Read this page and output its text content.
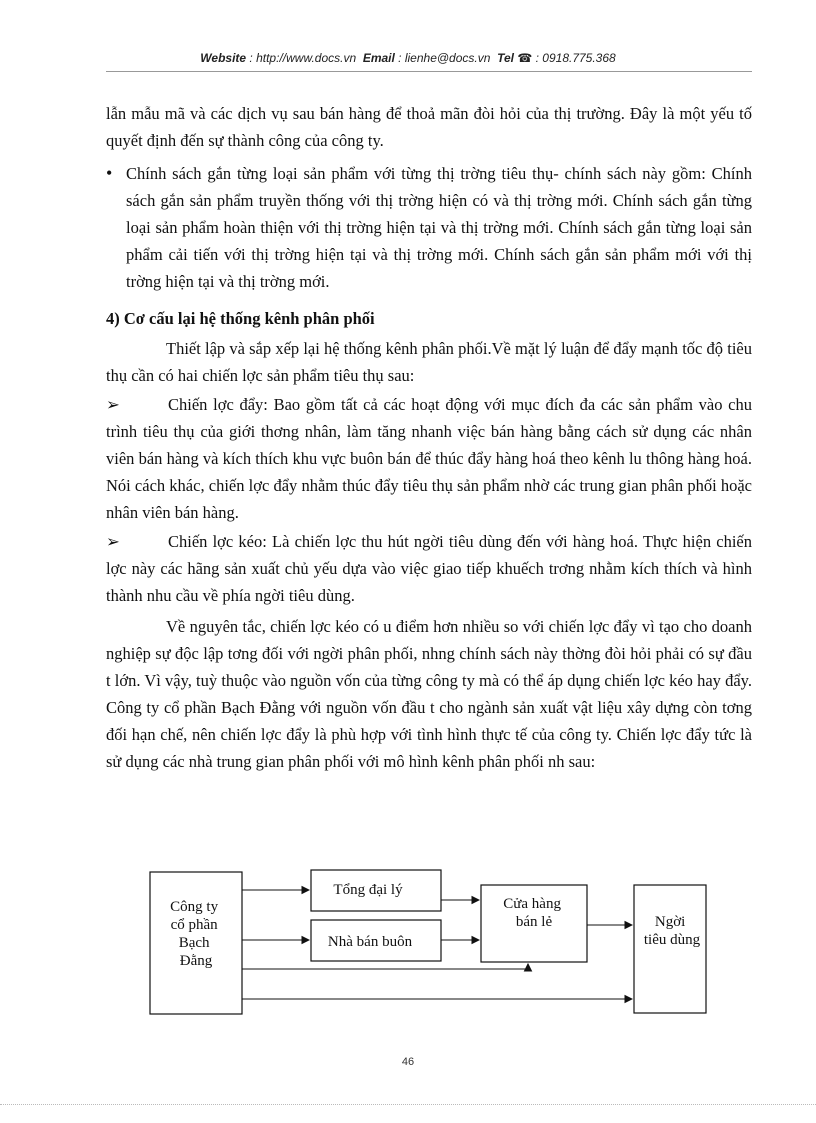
Website : http://www.docs.vn Email : lienhe@docs.vn Tel ☎ : 0918.775.368

lẫn mẫu mã và các dịch vụ sau bán hàng để thoả mãn đòi hỏi của thị trường. Đây là một yếu tố quyết định đến sự thành công của công ty.

• Chính sách gắn từng loại sản phẩm với từng thị trờng tiêu thụ- chính sách này gồm: Chính sách gắn sản phẩm truyền thống với thị trờng hiện có và thị trờng mới. Chính sách gắn từng loại sản phẩm hoàn thiện với thị trờng hiện tại và thị trờng mới. Chính sách gắn từng loại sản phẩm cải tiến với thị trờng hiện tại và thị trờng mới. Chính sách gắn sản phẩm mới với thị trờng hiện tại và thị trờng mới.

4) Cơ cấu lại hệ thống kênh phân phối

Thiết lập và sắp xếp lại hệ thống kênh phân phối.Về mặt lý luận để đẩy mạnh tốc độ tiêu thụ cần có hai chiến lợc sản phẩm tiêu thụ sau:

➢	Chiến lợc đẩy: Bao gồm tất cả các hoạt động với mục đích đa các sản phẩm vào chu trình tiêu thụ của giới thơng nhân, làm tăng nhanh việc bán hàng bằng cách sử dụng các nhân viên bán hàng và kích thích khu vực buôn bán để thúc đẩy hàng hoá theo kênh lu thông hàng hoá. Nói cách khác, chiến lợc đẩy nhằm thúc đẩy tiêu thụ sản phẩm nhờ các trung gian phân phối hoặc nhân viên bán hàng.

➢	Chiến lợc kéo: Là chiến lợc thu hút ngời tiêu dùng đến với hàng hoá. Thực hiện chiến lợc này các hãng sản xuất chủ yếu dựa vào việc giao tiếp khuếch trơng nhằm kích thích và hình thành nhu cầu về phía ngời tiêu dùng.

Về nguyên tắc, chiến lợc kéo có u điểm hơn nhiều so với chiến lợc đẩy vì tạo cho doanh nghiệp sự độc lập tơng đối với ngời phân phối, nhng chính sách này thờng đòi hỏi phải có sự đầu t lớn. Vì vậy, tuỳ thuộc vào nguồn vốn của từng công ty mà có thể áp dụng chiến lợc kéo hay đẩy. Công ty cổ phần Bạch Đằng với nguồn vốn đầu t cho ngành sản xuất vật liệu xây dựng còn tơng đối hạn chế, nên chiến lợc đẩy là phù hợp với tình hình thực tế của công ty. Chiến lợc đẩy tức là sử dụng các nhà trung gian phân phối với mô hình kênh phân phối nh sau:

Công ty cổ phần Bạch Đằng
Tổng đại lý
Nhà bán buôn
Cửa hàng bán lẻ	Ngời tiêu dùng
46
